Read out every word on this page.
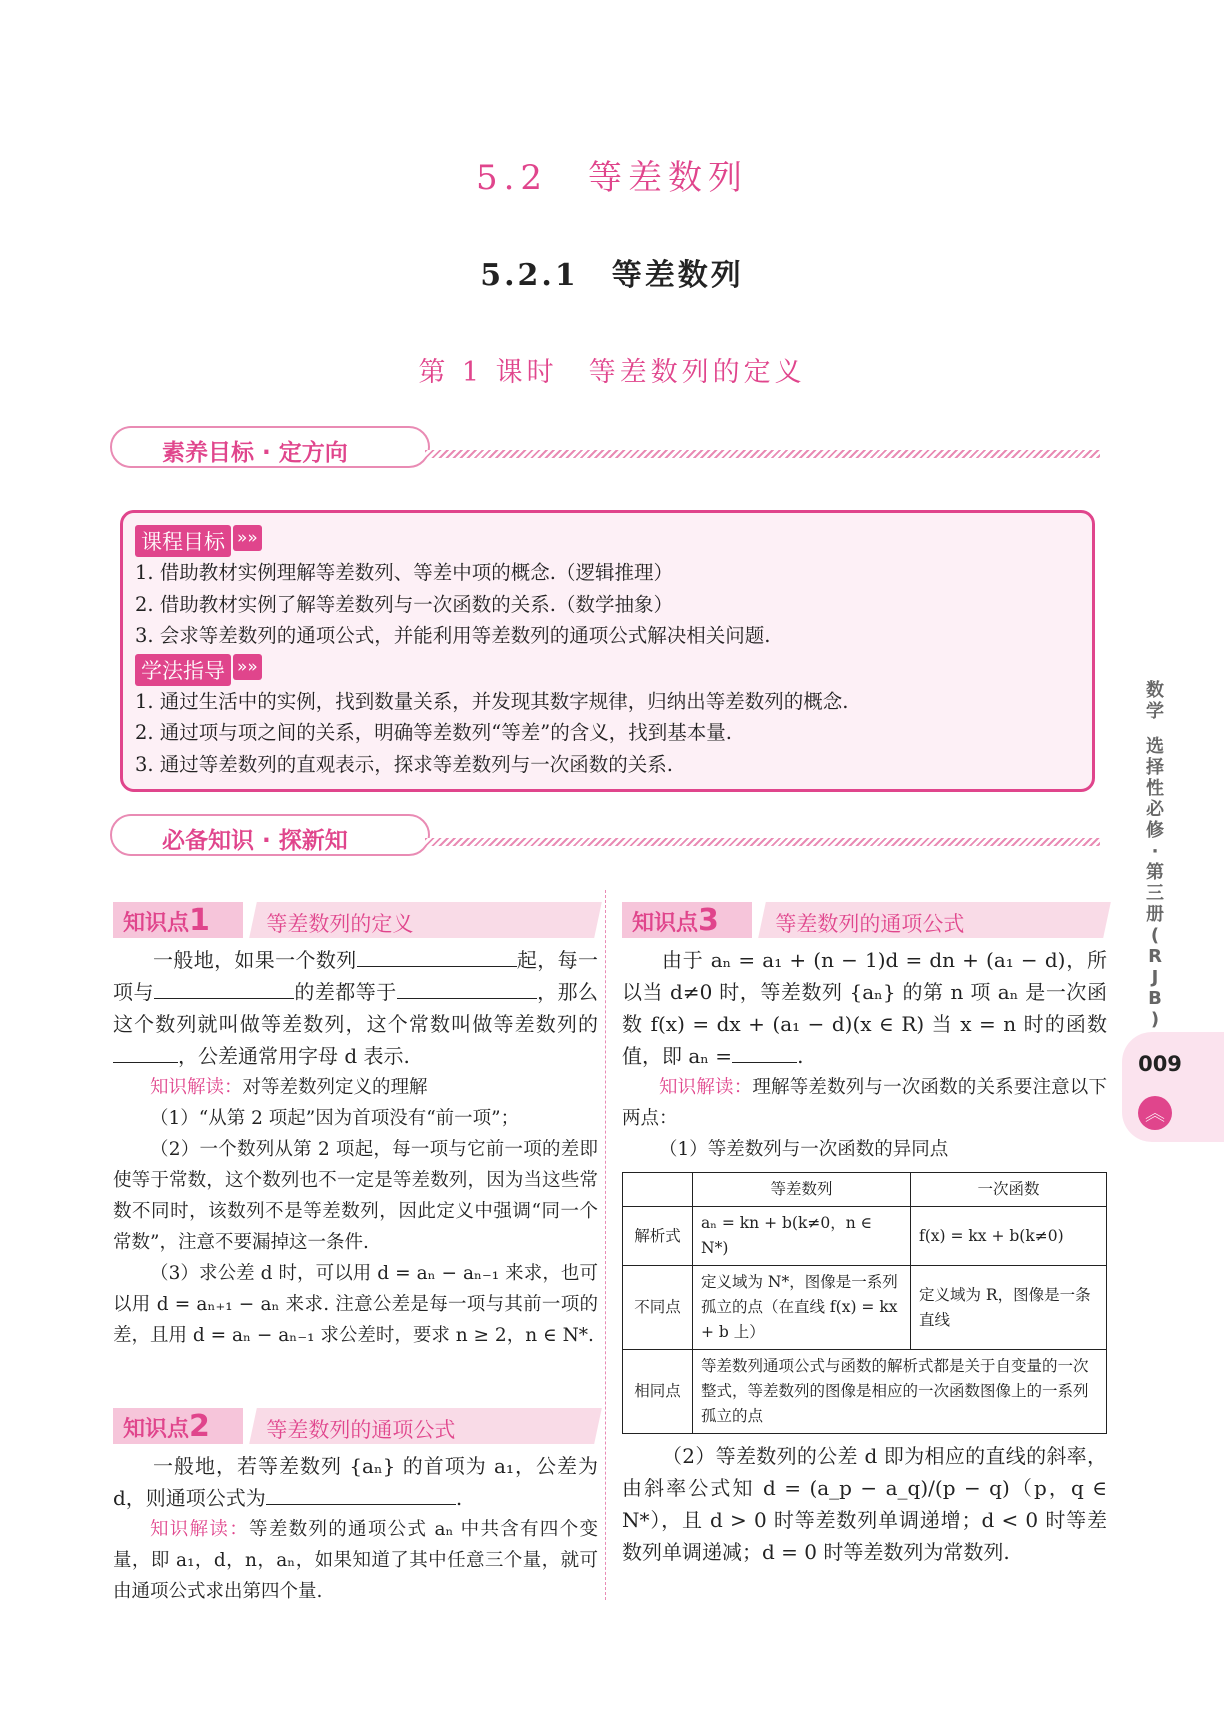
5.2　等差数列
5.2.1　等差数列
第 1 课时　等差数列的定义
素养目标 · 定方向
课程目标 »»

1. 借助教材实例理解等差数列、等差中项的概念.（逻辑推理）

2. 借助教材实例了解等差数列与一次函数的关系.（数学抽象）

3. 会求等差数列的通项公式，并能利用等差数列的通项公式解决相关问题.

学法指导 »»

1. 通过生活中的实例，找到数量关系，并发现其数字规律，归纳出等差数列的概念.

2. 通过项与项之间的关系，明确等差数列“等差”的含义，找到基本量.

3. 通过等差数列的直观表示，探求等差数列与一次函数的关系.

必备知识 · 探新知
知识点1	等差数列的定义

一般地，如果一个数列	起，每一项与	的差都等于	，那么这个数列就叫做等差数列，这个常数叫做等差数列的，公差通常用字母 d 表示.

知识解读：对等差数列定义的理解

（1）“从第 2 项起”因为首项没有“前一项”；

（2）一个数列从第 2 项起，每一项与它前一项的差即使等于常数，这个数列也不一定是等差数列，因为当这些常数不同时，该数列不是等差数列，因此定义中强调“同一个常数”，注意不要漏掉这一条件.

（3）求公差 d 时，可以用 d = aₙ − aₙ₋₁ 来求，也可以用 d = aₙ₊₁ − aₙ 来求. 注意公差是每一项与其前一项的差，且用 d = aₙ − aₙ₋₁ 求公差时，要求 n ≥ 2，n ∈ N*.

知识点2	等差数列的通项公式

一般地，若等差数列 {aₙ} 的首项为 a₁，公差为 d，则通项公式为	.

知识解读：等差数列的通项公式 aₙ 中共含有四个变量，即 a₁，d，n，aₙ，如果知道了其中任意三个量，就可由通项公式求出第四个量.

知识点3	等差数列的通项公式

由于 aₙ = a₁ + (n − 1)d = dn + (a₁ − d)，所以当 d≠0 时，等差数列 {aₙ} 的第 n 项 aₙ 是一次函数 f(x) = dx + (a₁ − d)(x ∈ R) 当 x = n 时的函数值，即 aₙ =	.

知识解读：理解等差数列与一次函数的关系要注意以下两点：

（1）等差数列与一次函数的异同点

	等差数列	一次函数
解析式	aₙ = kn + b(k≠0，n ∈ N*)	f(x) = kx + b(k≠0)
不同点	定义域为 N*，图像是一系列孤立的点（在直线 f(x) = kx + b 上）	定义域为 R，图像是一条直线
相同点	等差数列通项公式与函数的解析式都是关于自变量的一次整式，等差数列的图像是相应的一次函数图像上的一系列孤立的点	

（2）等差数列的公差 d 即为相应的直线的斜率，由斜率公式知 d = (a_p − a_q)/(p − q)（p，q ∈ N*），且 d > 0 时等差数列单调递增；d < 0 时等差数列单调递减；d = 0 时等差数列为常数列.

数
学
选
择
性
必
修
·
第
三
册
(
R
J
B
)
009
︽
